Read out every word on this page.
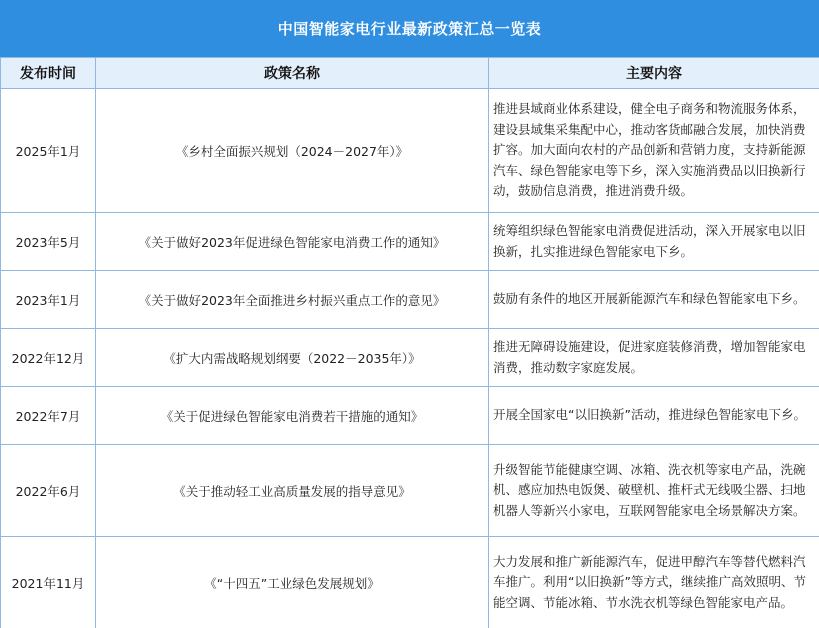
中国智能家电行业最新政策汇总一览表
发布时间	政策名称	主要内容
2025年1月	《乡村全面振兴规划（2024－2027年）》	推进县域商业体系建设，健全电子商务和物流服务体系，建设县域集采集配中心，推动客货邮融合发展，加快消费扩容。加大面向农村的产品创新和营销力度，支持新能源汽车、绿色智能家电等下乡，深入实施消费品以旧换新行动，鼓励信息消费，推进消费升级。
2023年5月	《关于做好2023年促进绿色智能家电消费工作的通知》	统筹组织绿色智能家电消费促进活动，深入开展家电以旧换新，扎实推进绿色智能家电下乡。
2023年1月	《关于做好2023年全面推进乡村振兴重点工作的意见》	鼓励有条件的地区开展新能源汽车和绿色智能家电下乡。
2022年12月	《扩大内需战略规划纲要（2022－2035年）》	推进无障碍设施建设，促进家庭装修消费，增加智能家电消费，推动数字家庭发展。
2022年7月	《关于促进绿色智能家电消费若干措施的通知》	开展全国家电“以旧换新”活动，推进绿色智能家电下乡。
2022年6月	《关于推动轻工业高质量发展的指导意见》	升级智能节能健康空调、冰箱、洗衣机等家电产品，洗碗机、感应加热电饭煲、破壁机、推杆式无线吸尘器、扫地机器人等新兴小家电，互联网智能家电全场景解决方案。
2021年11月	《“十四五”工业绿色发展规划》	大力发展和推广新能源汽车，促进甲醇汽车等替代燃料汽车推广。利用“以旧换新”等方式，继续推广高效照明、节能空调、节能冰箱、节水洗衣机等绿色智能家电产品。
